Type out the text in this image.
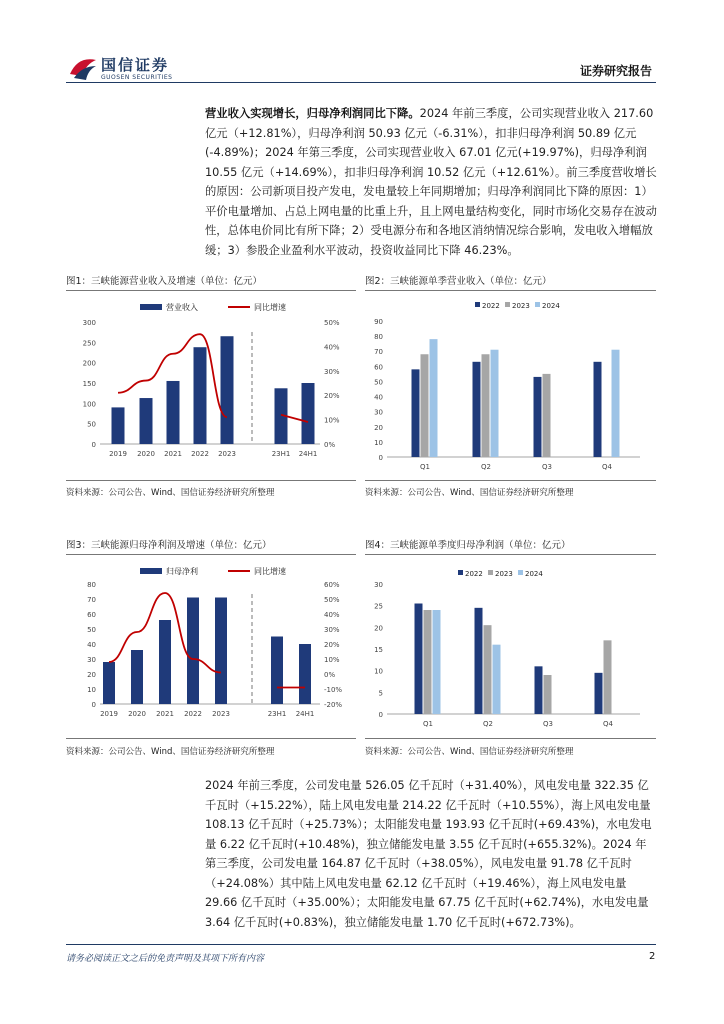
国信证券
GUOSEN SECURITIES	证券研究报告
营业收入实现增长，归母净利润同比下降。2024 年前三季度，公司实现营业收入 217.60 亿元（+12.81%），归母净利润 50.93 亿元（-6.31%），扣非归母净利润 50.89 亿元(-4.89%)；2024 年第三季度，公司实现营业收入 67.01 亿元(+19.97%)，归母净利润 10.55 亿元（+14.69%），扣非归母净利润 10.52 亿元（+12.61%）。前三季度营收增长的原因：公司新项目投产发电，发电量较上年同期增加；归母净利润同比下降的原因：1）平价电量增加、占总上网电量的比重上升，且上网电量结构变化，同时市场化交易存在波动性，总体电价同比有所下降；2）受电源分布和各地区消纳情况综合影响，发电收入增幅放缓；3）参股企业盈利水平波动，投资收益同比下降 46.23%。
图1：三峡能源营业收入及增速（单位：亿元）	图2：三峡能源单季营业收入（单位：亿元）
营业收入	同比增速
0
50
100
150
200
250
300
0%
10%
20%
30%
40%
50%
2019 2020 2021 2022 2023	23H1 24H1
2022 2023 2024
0
10
20
30
40
50
60
70
80
90
Q1	Q2	Q3	Q4
资料来源：公司公告、Wind、国信证券经济研究所整理	资料来源：公司公告、Wind、国信证券经济研究所整理
图3：三峡能源归母净利润及增速（单位：亿元）	图4：三峡能源单季度归母净利润（单位：亿元）
归母净利	同比增速
0
10
20
30
40
50
60
70
80
-20%
-10%
0%
10%
20%
30%
40%
50%
60%
2019 2020 2021 2022 2023	23H1 24H1
2022 2023 2024
0
5
10
15
20
25
30
Q1	Q2	Q3	Q4
资料来源：公司公告、Wind、国信证券经济研究所整理	资料来源：公司公告、Wind、国信证券经济研究所整理
2024 年前三季度，公司发电量 526.05 亿千瓦时（+31.40%），风电发电量 322.35 亿千瓦时（+15.22%），陆上风电发电量 214.22 亿千瓦时（+10.55%），海上风电发电量 108.13 亿千瓦时（+25.73%）；太阳能发电量 193.93 亿千瓦时(+69.43%)，水电发电量 6.22 亿千瓦时(+10.48%)，独立储能发电量 3.55 亿千瓦时(+655.32%)。2024 年第三季度，公司发电量 164.87 亿千瓦时（+38.05%），风电发电量 91.78 亿千瓦时（+24.08%）其中陆上风电发电量 62.12 亿千瓦时（+19.46%），海上风电发电量 29.66 亿千瓦时（+35.00%）；太阳能发电量 67.75 亿千瓦时(+62.74%)，水电发电量 3.64 亿千瓦时(+0.83%)，独立储能发电量 1.70 亿千瓦时(+672.73%)。
请务必阅读正文之后的免责声明及其项下所有内容	2
